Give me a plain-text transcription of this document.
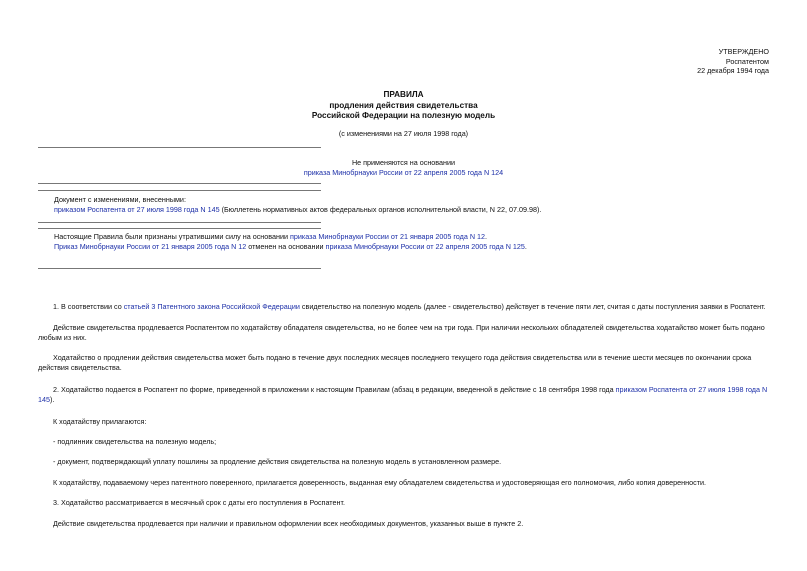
УТВЕРЖДЕНО
Роспатентом
22 декабря 1994 года
ПРАВИЛА
продления действия свидетельства
Российской Федерации на полезную модель
(с изменениями на 27 июля 1998 года)
Не применяются на основании
приказа Минобрнауки России от 22 апреля 2005 года N 124
Документ с изменениями, внесенными:
приказом Роспатента от 27 июля 1998 года N 145 (Бюллетень нормативных актов федеральных органов исполнительной власти, N 22, 07.09.98).
Настоящие Правила были признаны утратившими силу на основании приказа Минобрнауки России от 21 января 2005 года N 12.
Приказ Минобрнауки России от 21 января 2005 года N 12 отменен на основании приказа Минобрнауки России от 22 апреля 2005 года N 125.
1. В соответствии со статьей 3 Патентного закона Российской Федерации свидетельство на полезную модель (далее - свидетельство) действует в течение пяти лет, считая с даты поступления заявки в Роспатент.
Действие свидетельства продлевается Роспатентом по ходатайству обладателя свидетельства, но не более чем на три года. При наличии нескольких обладателей свидетельства ходатайство может быть подано любым из них.
Ходатайство о продлении действия свидетельства может быть подано в течение двух последних месяцев последнего текущего года действия свидетельства или в течение шести месяцев по окончании срока действия свидетельства.
2. Ходатайство подается в Роспатент по форме, приведенной в приложении к настоящим Правилам (абзац в редакции, введенной в действие с 18 сентября 1998 года приказом Роспатента от 27 июля 1998 года N 145).
К ходатайству прилагаются:
- подлинник свидетельства на полезную модель;
- документ, подтверждающий уплату пошлины за продление действия свидетельства на полезную модель в установленном размере.
К ходатайству, подаваемому через патентного поверенного, прилагается доверенность, выданная ему обладателем свидетельства и удостоверяющая его полномочия, либо копия доверенности.
3. Ходатайство рассматривается в месячный срок с даты его поступления в Роспатент.
Действие свидетельства продлевается при наличии и правильном оформлении всех необходимых документов, указанных выше в пункте 2.
